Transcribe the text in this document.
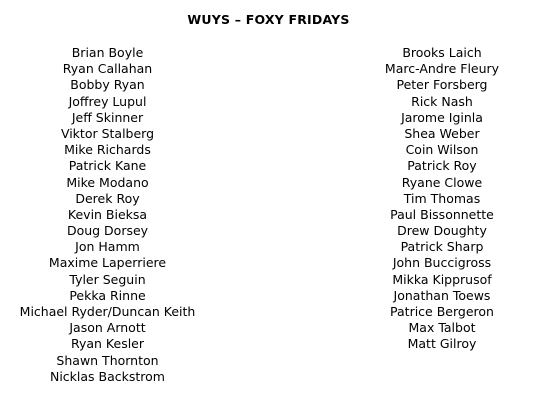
WUYS – FOXY FRIDAYS
Brian Boyle
Ryan Callahan
Bobby Ryan
Joffrey Lupul
Jeff Skinner
Viktor Stalberg
Mike Richards
Patrick Kane
Mike Modano
Derek Roy
Kevin Bieksa
Doug Dorsey
Jon Hamm
Maxime Laperriere
Tyler Seguin
Pekka Rinne
Michael Ryder/Duncan Keith
Jason Arnott
Ryan Kesler
Shawn Thornton
Nicklas Backstrom
Brooks Laich
Marc-Andre Fleury
Peter Forsberg
Rick Nash
Jarome Iginla
Shea Weber
Coin Wilson
Patrick Roy
Ryane Clowe
Tim Thomas
Paul Bissonnette
Drew Doughty
Patrick Sharp
John Buccigross
Mikka Kipprusof
Jonathan Toews
Patrice Bergeron
Max Talbot
Matt Gilroy
